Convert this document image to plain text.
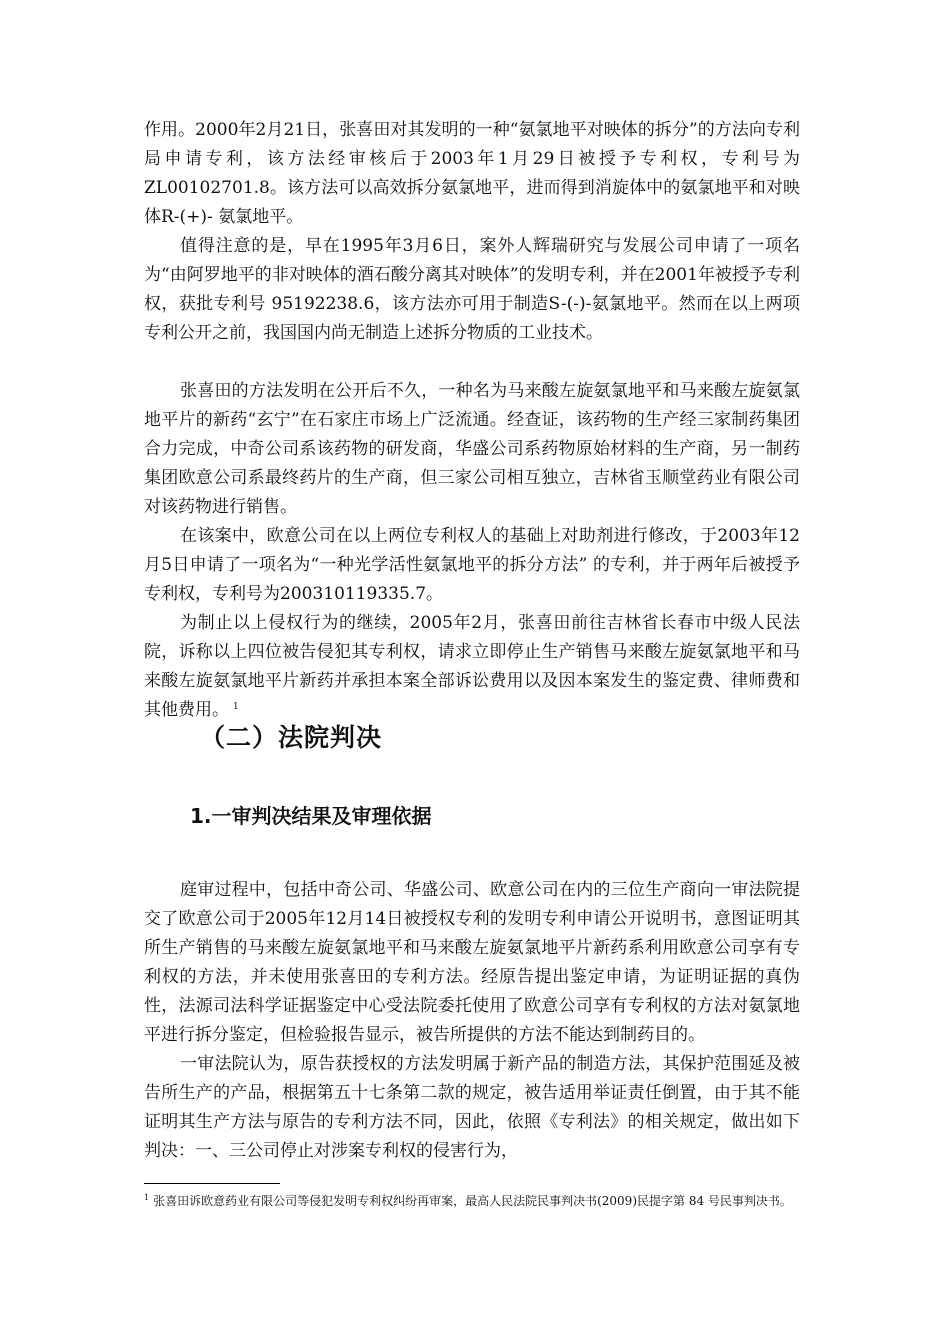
作用。2000年2月21日，张喜田对其发明的一种“氨氯地平对映体的拆分”的方法向专利局申请专利，该方法经审核后于2003年1月29日被授予专利权，专利号为ZL00102701.8。该方法可以高效拆分氨氯地平，进而得到消旋体中的氨氯地平和对映体R-(+)- 氨氯地平。

值得注意的是，早在1995年3月6日，案外人辉瑞研究与发展公司申请了一项名为“由阿罗地平的非对映体的酒石酸分离其对映体”的发明专利，并在2001年被授予专利权，获批专利号 95192238.6，该方法亦可用于制造S-(-)-氨氯地平。然而在以上两项专利公开之前，我国国内尚无制造上述拆分物质的工业技术。

张喜田的方法发明在公开后不久，一种名为马来酸左旋氨氯地平和马来酸左旋氨氯地平片的新药“玄宁”在石家庄市场上广泛流通。经查证，该药物的生产经三家制药集团合力完成，中奇公司系该药物的研发商，华盛公司系药物原始材料的生产商，另一制药集团欧意公司系最终药片的生产商，但三家公司相互独立，吉林省玉顺堂药业有限公司对该药物进行销售。

在该案中，欧意公司在以上两位专利权人的基础上对助剂进行修改，于2003年12月5日申请了一项名为“一种光学活性氨氯地平的拆分方法” 的专利，并于两年后被授予专利权，专利号为200310119335.7。

为制止以上侵权行为的继续，2005年2月，张喜田前往吉林省长春市中级人民法院，诉称以上四位被告侵犯其专利权，请求立即停止生产销售马来酸左旋氨氯地平和马来酸左旋氨氯地平片新药并承担本案全部诉讼费用以及因本案发生的鉴定费、律师费和其他费用。 $^1$

（二）法院判决
1.一审判决结果及审理依据

庭审过程中，包括中奇公司、华盛公司、欧意公司在内的三位生产商向一审法院提交了欧意公司于2005年12月14日被授权专利的发明专利申请公开说明书，意图证明其所生产销售的马来酸左旋氨氯地平和马来酸左旋氨氯地平片新药系利用欧意公司享有专利权的方法，并未使用张喜田的专利方法。经原告提出鉴定申请，为证明证据的真伪性，法源司法科学证据鉴定中心受法院委托使用了欧意公司享有专利权的方法对氨氯地平进行拆分鉴定，但检验报告显示，被告所提供的方法不能达到制药目的。

一审法院认为，原告获授权的方法发明属于新产品的制造方法，其保护范围延及被告所生产的产品，根据第五十七条第二款的规定，被告适用举证责任倒置，由于其不能证明其生产方法与原告的专利方法不同，因此，依照《专利法》的相关规定，做出如下判决：一、三公司停止对涉案专利权的侵害行为，

$^1$ 张喜田诉欧意药业有限公司等侵犯发明专利权纠纷再审案，最高人民法院民事判决书(2009)民提字第 84 号民事判决书。
